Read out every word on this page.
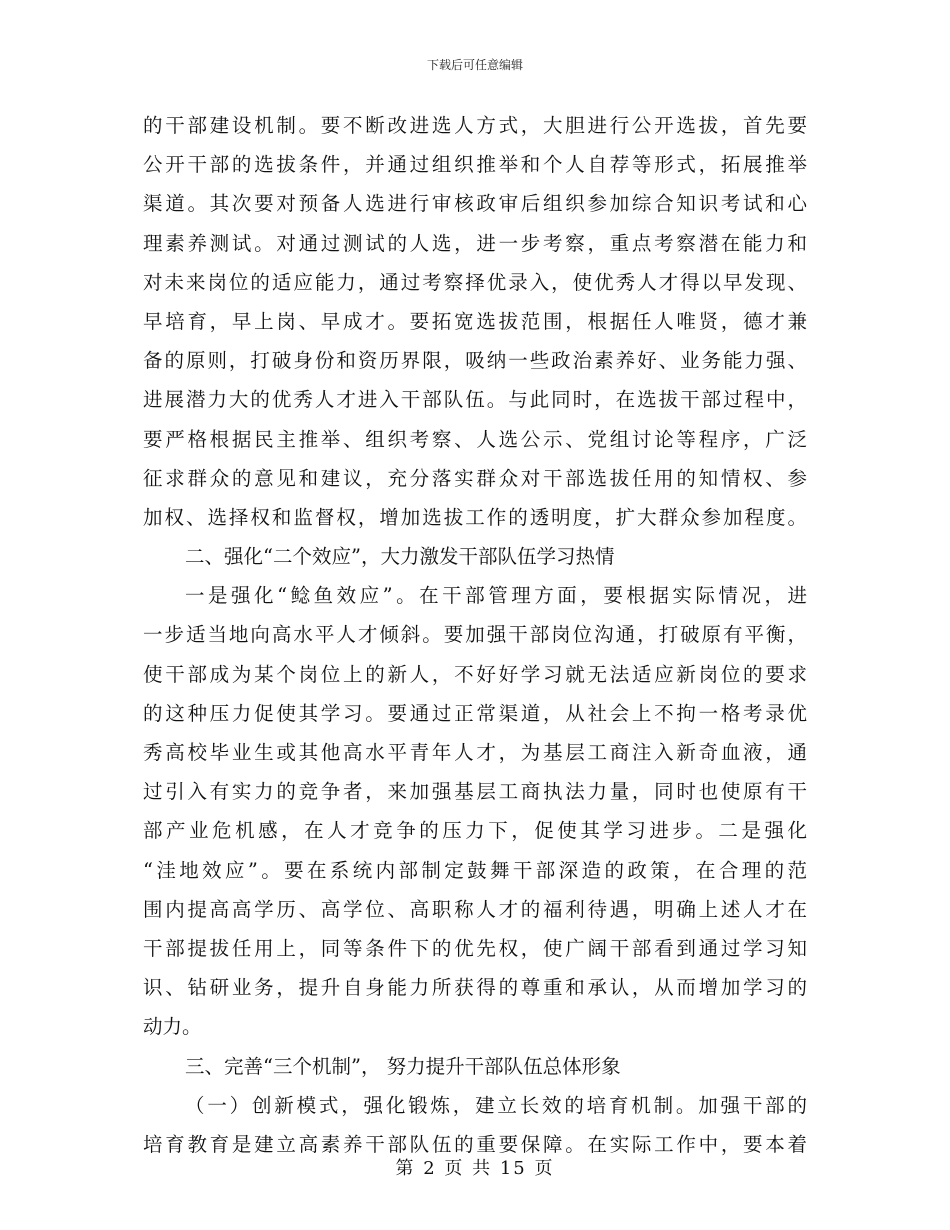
下载后可任意编辑
的干部建设机制。要不断改进选人方式，大胆进行公开选拔，首先要
公开干部的选拔条件，并通过组织推举和个人自荐等形式，拓展推举
渠道。其次要对预备人选进行审核政审后组织参加综合知识考试和心
理素养测试。对通过测试的人选，进一步考察，重点考察潜在能力和
对未来岗位的适应能力，通过考察择优录入，使优秀人才得以早发现、
早培育，早上岗、早成才。要拓宽选拔范围，根据任人唯贤，德才兼
备的原则，打破身份和资历界限，吸纳一些政治素养好、业务能力强、
进展潜力大的优秀人才进入干部队伍。与此同时，在选拔干部过程中，
要严格根据民主推举、组织考察、人选公示、党组讨论等程序，广泛
征求群众的意见和建议，充分落实群众对干部选拔任用的知情权、参
加权、选择权和监督权，增加选拔工作的透明度，扩大群众参加程度。
二、强化“二个效应”，大力激发干部队伍学习热情
一是强化“鲶鱼效应”。在干部管理方面，要根据实际情况，进
一步适当地向高水平人才倾斜。要加强干部岗位沟通，打破原有平衡，
使干部成为某个岗位上的新人，不好好学习就无法适应新岗位的要求
的这种压力促使其学习。要通过正常渠道，从社会上不拘一格考录优
秀高校毕业生或其他高水平青年人才，为基层工商注入新奇血液，通
过引入有实力的竞争者，来加强基层工商执法力量，同时也使原有干
部产业危机感，在人才竞争的压力下，促使其学习进步。二是强化
“洼地效应”。要在系统内部制定鼓舞干部深造的政策，在合理的范
围内提高高学历、高学位、高职称人才的福利待遇，明确上述人才在
干部提拔任用上，同等条件下的优先权，使广阔干部看到通过学习知
识、钻研业务，提升自身能力所获得的尊重和承认，从而增加学习的
动力。
三、完善“三个机制”， 努力提升干部队伍总体形象
（一）创新模式，强化锻炼，建立长效的培育机制。加强干部的
培育教育是建立高素养干部队伍的重要保障。在实际工作中，要本着
第 2 页 共 15 页
